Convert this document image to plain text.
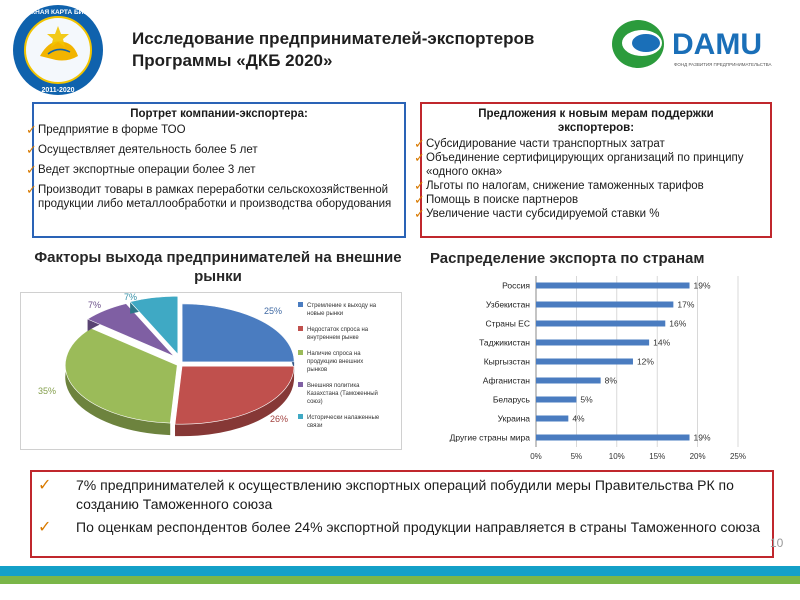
ДОРОЖНАЯ КАРТА БИЗНЕСА
2011-2020
Исследование предпринимателей-экспортеров
Программы «ДКБ 2020»	DAMU
ФОНД РАЗВИТИЯ ПРЕДПРИНИМАТЕЛЬСТВА
Портрет компании-экспортера:
✓ Предприятие в форме ТОО
✓ Осуществляет деятельность более 5 лет
✓ Ведет экспортные операции более 3 лет
✓ Производит товары в рамках переработки сельскохозяйственной продукции либо металлообработки и производства оборудования
Предложения к новым мерам поддержки
экспортеров:
✓ Субсидирование части транспортных затрат
✓ Объединение сертифицирующих организаций по принципу «одного окна»
✓ Льготы по налогам, снижение таможенных тарифов
✓ Помощь в поиске партнеров
✓ Увеличение части субсидируемой ставки %
Факторы выхода предпринимателей на внешние рынки
25%
26%
35%
7%
7%
Стремление к выходу на
новые рынки
Недостаток спроса на
внутреннем рынке
Наличие спроса на
продукцию внешних
рынков
Внешняя политика
Казахстана (Таможенный
союз)
Исторически налаженные
связи
Распределение экспорта по странам
0%	5%	10%	15%	20%	25%
Россия	19%
Узбекистан	17%
Страны ЕС	16%
Таджикистан	14%
Кыргызстан	12%
Афганистан	8%
Беларусь	5%
Украина	4%
Другие страны мира	19%
✓ 7% предпринимателей к осуществлению экспортных операций побудили меры Правительства РК по созданию Таможенного союза
✓ По оценкам респондентов более 24% экспортной продукции направляется в страны Таможенного союза
10
